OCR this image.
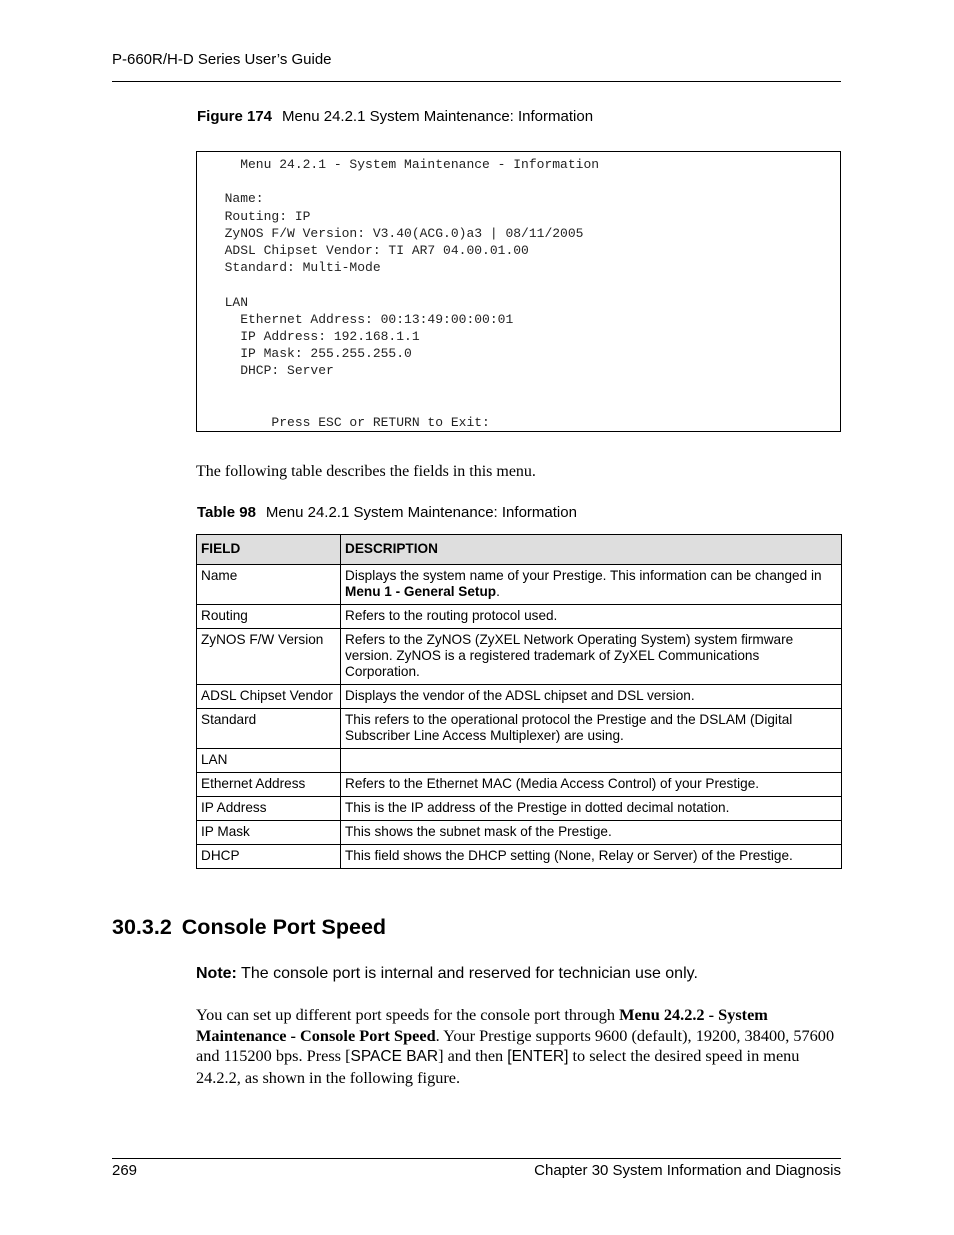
P-660R/H-D Series User’s Guide
Figure 174 Menu 24.2.1 System Maintenance: Information
Menu 24.2.1 - System Maintenance - Information

Name:
Routing: IP
ZyNOS F/W Version: V3.40(ACG.0)a3 | 08/11/2005
ADSL Chipset Vendor: TI AR7 04.00.01.00
Standard: Multi-Mode

LAN
Ethernet Address: 00:13:49:00:00:01
IP Address: 192.168.1.1
IP Mask: 255.255.255.0
DHCP: Server

Press ESC or RETURN to Exit:
The following table describes the fields in this menu.
Table 98 Menu 24.2.1 System Maintenance: Information
FIELD	DESCRIPTION
Name	Displays the system name of your Prestige. This information can be changed in Menu 1 - General Setup.
Routing	Refers to the routing protocol used.
ZyNOS F/W Version	Refers to the ZyNOS (ZyXEL Network Operating System) system firmware version. ZyNOS is a registered trademark of ZyXEL Communications Corporation.
ADSL Chipset Vendor	Displays the vendor of the ADSL chipset and DSL version.
Standard	This refers to the operational protocol the Prestige and the DSLAM (Digital Subscriber Line Access Multiplexer) are using.
LAN	
Ethernet Address	Refers to the Ethernet MAC (Media Access Control) of your Prestige.
IP Address	This is the IP address of the Prestige in dotted decimal notation.
IP Mask	This shows the subnet mask of the Prestige.
DHCP	This field shows the DHCP setting (None, Relay or Server) of the Prestige.
30.3.2 Console Port Speed
Note: The console port is internal and reserved for technician use only.
You can set up different port speeds for the console port through Menu 24.2.2 - System Maintenance - Console Port Speed. Your Prestige supports 9600 (default), 19200, 38400, 57600 and 115200 bps. Press [SPACE BAR] and then [ENTER] to select the desired speed in menu 24.2.2, as shown in the following figure.
269	Chapter 30 System Information and Diagnosis
